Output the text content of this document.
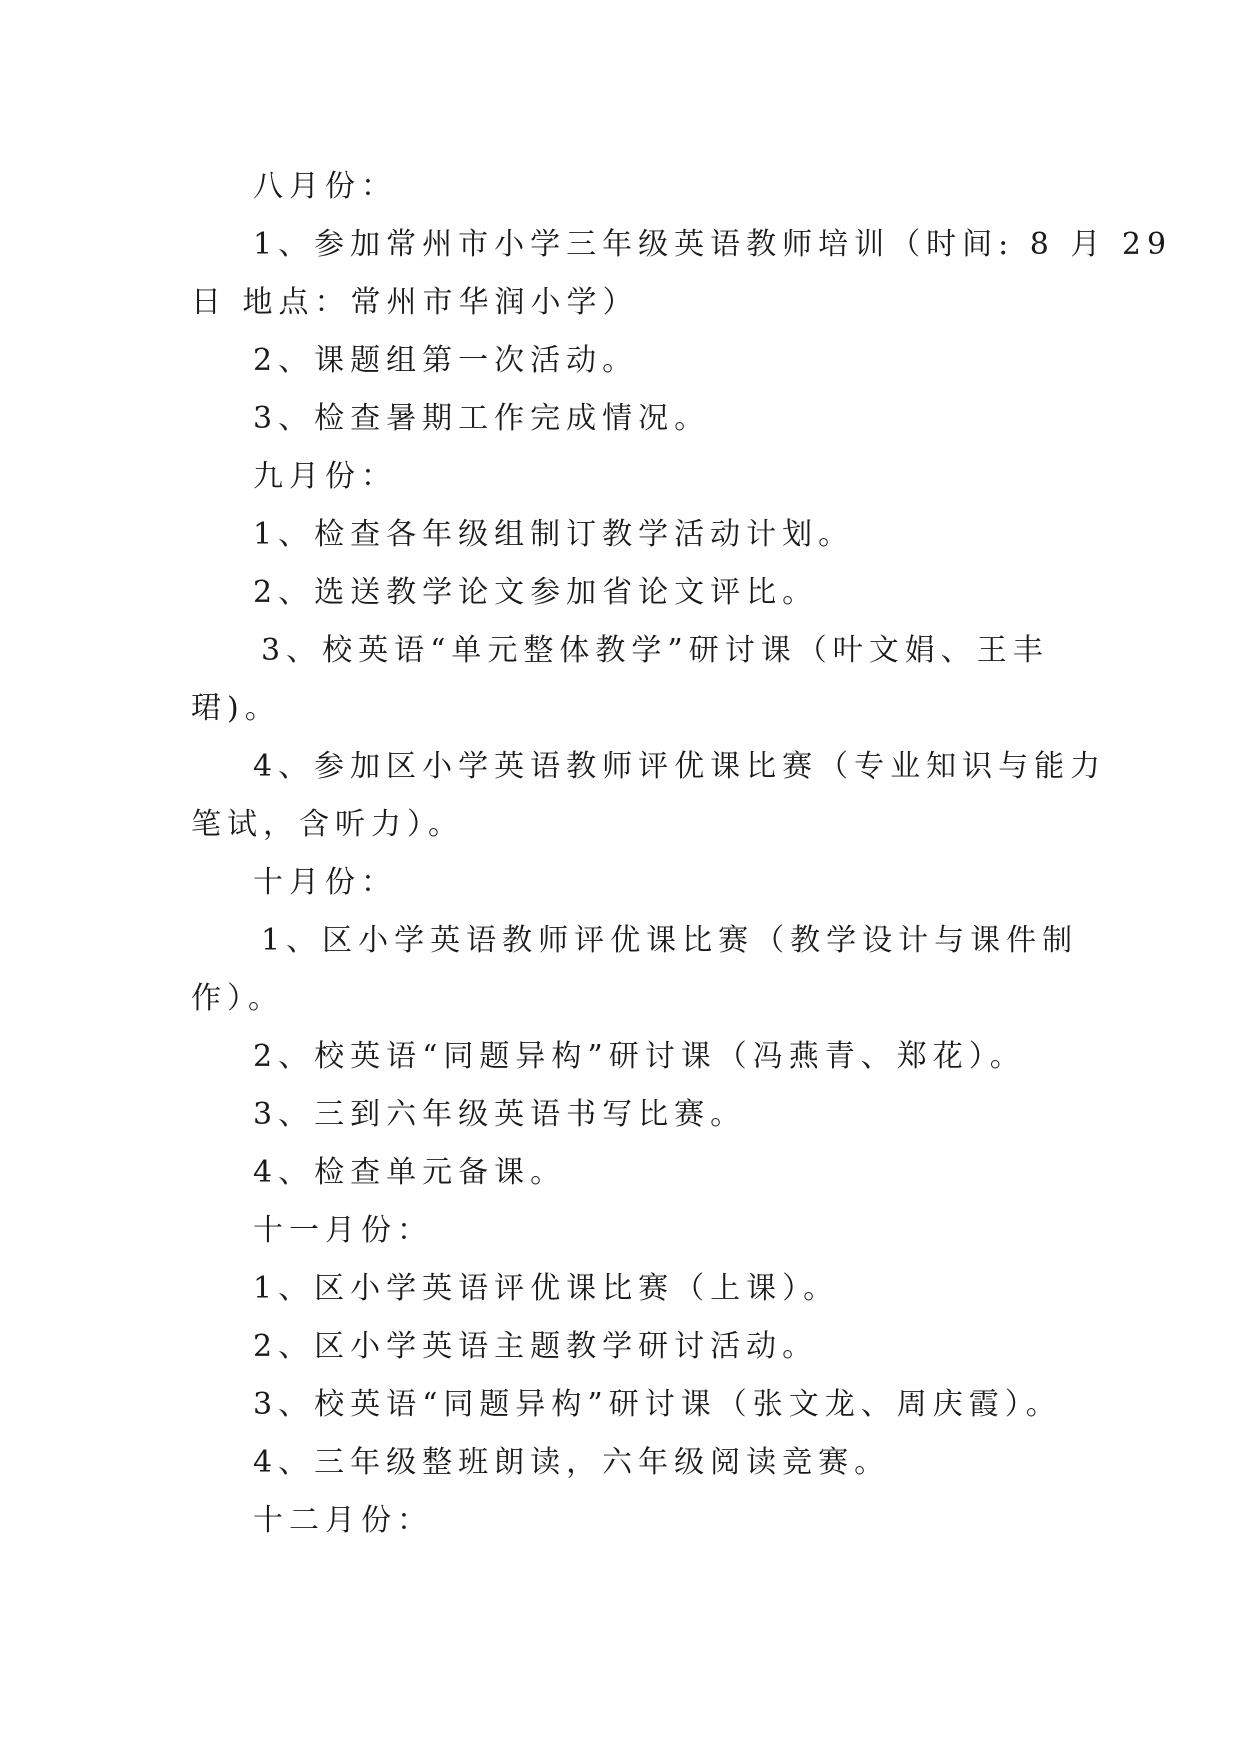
八月份：
1、参加常州市小学三年级英语教师培训（时间: 8 月 29
日 地点：常州市华润小学）
2、课题组第一次活动。
3、检查暑期工作完成情况。
九月份：
1、检查各年级组制订教学活动计划。
2、选送教学论文参加省论文评比。
3、校英语“单元整体教学”研讨课（叶文娟、王丰
珺)。
4、参加区小学英语教师评优课比赛（专业知识与能力
笔试，含听力）。
十月份：
1、区小学英语教师评优课比赛（教学设计与课件制
作）。
2、校英语“同题异构”研讨课（冯燕青、郑花）。
3、三到六年级英语书写比赛。
4、检查单元备课。
十一月份：
1、区小学英语评优课比赛（上课）。
2、区小学英语主题教学研讨活动。
3、校英语“同题异构”研讨课（张文龙、周庆霞）。
4、三年级整班朗读，六年级阅读竞赛。
十二月份：
